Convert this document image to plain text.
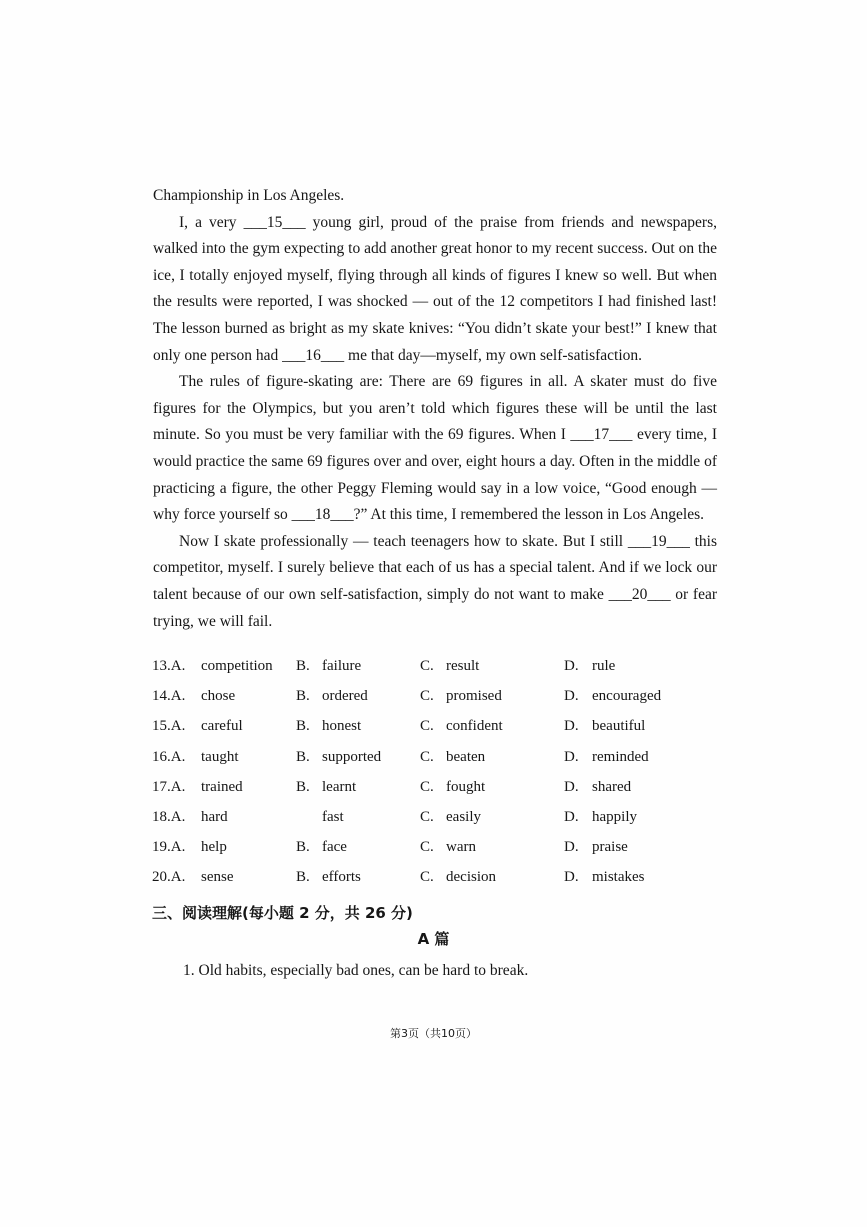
Championship in Los Angeles.

I, a very ___15___ young girl, proud of the praise from friends and newspapers, walked into the gym expecting to add another great honor to my recent success. Out on the ice, I totally enjoyed myself, flying through all kinds of figures I knew so well. But when the results were reported, I was shocked — out of the 12 competitors I had finished last! The lesson burned as bright as my skate knives: “You didn’t skate your best!” I knew that only one person had ___16___ me that day—myself, my own self-satisfaction.

The rules of figure-skating are: There are 69 figures in all. A skater must do five figures for the Olympics, but you aren’t told which figures these will be until the last minute. So you must be very familiar with the 69 figures. When I ___17___ every time, I would practice the same 69 figures over and over, eight hours a day. Often in the middle of practicing a figure, the other Peggy Fleming would say in a low voice, “Good enough — why force yourself so ___18___?” At this time, I remembered the lesson in Los Angeles.

Now I skate professionally — teach teenagers how to skate. But I still ___19___ this competitor, myself. I surely believe that each of us has a special talent. And if we lock our talent because of our own self-satisfaction, simply do not want to make ___20___ or fear trying, we will fail.

13.A. competition B. failure	C. result	D. rule
14.A. chose	B. ordered	C. promised	D. encouraged
15.A. careful	B. honest	C. confident	D. beautiful
16.A. taught	B. supported	C. beaten	D. reminded
17.A. trained	B. learnt	C. fought	D. shared
18.A. hard	fast	C. easily	D. happily
19.A. help	B. face	C. warn	D. praise
20.A. sense	B. efforts	C. decision	D. mistakes
三、阅读理解(每小题 2 分，共 26 分)
A 篇
1. Old habits, especially bad ones, can be hard to break.
第3页（共10页）
